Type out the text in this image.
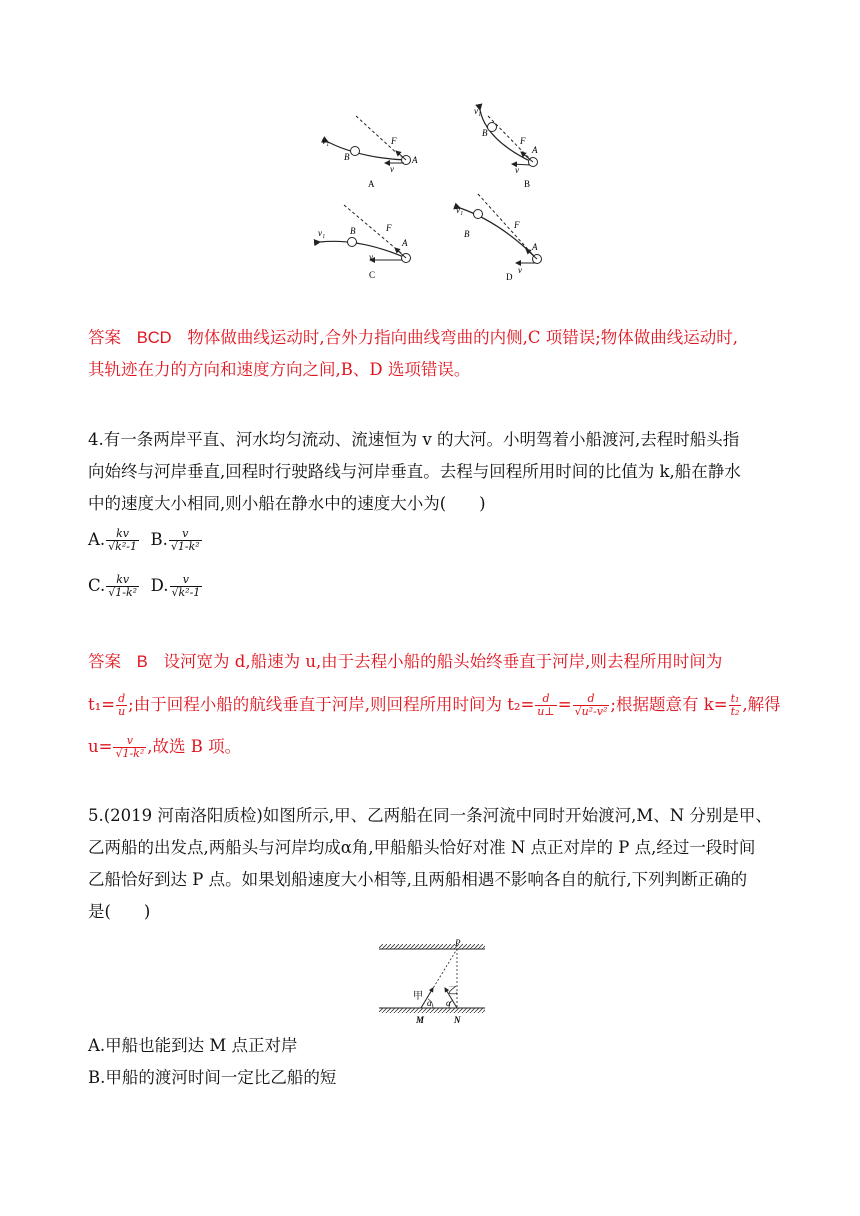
v₁
B
F
A
v
A
v₁
B
F
A
v
B
v₁	B	F
A
v
C
v₁
B
F
A
v
D
答案 BCD 物体做曲线运动时,合外力指向曲线弯曲的内侧,C 项错误;物体做曲线运动时,
其轨迹在力的方向和速度方向之间,B、D 选项错误。
4.有一条两岸平直、河水均匀流动、流速恒为 v 的大河。小明驾着小船渡河,去程时船头指
向始终与河岸垂直,回程时行驶路线与河岸垂直。去程与回程所用时间的比值为 k,船在静水
中的速度大小相同,则小船在静水中的速度大小为(　　)
A. $\frac{kv}{\text{√k²-1}} B$. $\frac{v}{\text{√1-k²}}$
C. $\frac{kv}{\text{√1-k²}} D$. $\frac{v}{\text{√k²-1}}$
答案 B 设河宽为 d,船速为 u,由于去程小船的船头始终垂直于河岸,则去程所用时间为
$t_1= \frac{d}{u}$ ;由于回程小船的航线垂直于河岸,则回程所用时间为 $t_2= \frac{d}{u\perp} = \frac{d}{\text{√u²-v²}}$ ;根据题意有 $k= \frac{\text{t₁}}{\text{t₂}}$ ,解得
$u= \frac{v}{\text{√1-k²}}$ ,故选 B 项。
5.(2019 河南洛阳质检)如图所示,甲、乙两船在同一条河流中同时开始渡河,M、N 分别是甲、
乙两船的出发点,两船头与河岸均成α角,甲船船头恰好对准 N 点正对岸的 P 点,经过一段时间
乙船恰好到达 P 点。如果划船速度大小相等,且两船相遇不影响各自的航行,下列判断正确的
是(　　)
P
甲	乙
α α
M	N
A.甲船也能到达 M 点正对岸
B.甲船的渡河时间一定比乙船的短
